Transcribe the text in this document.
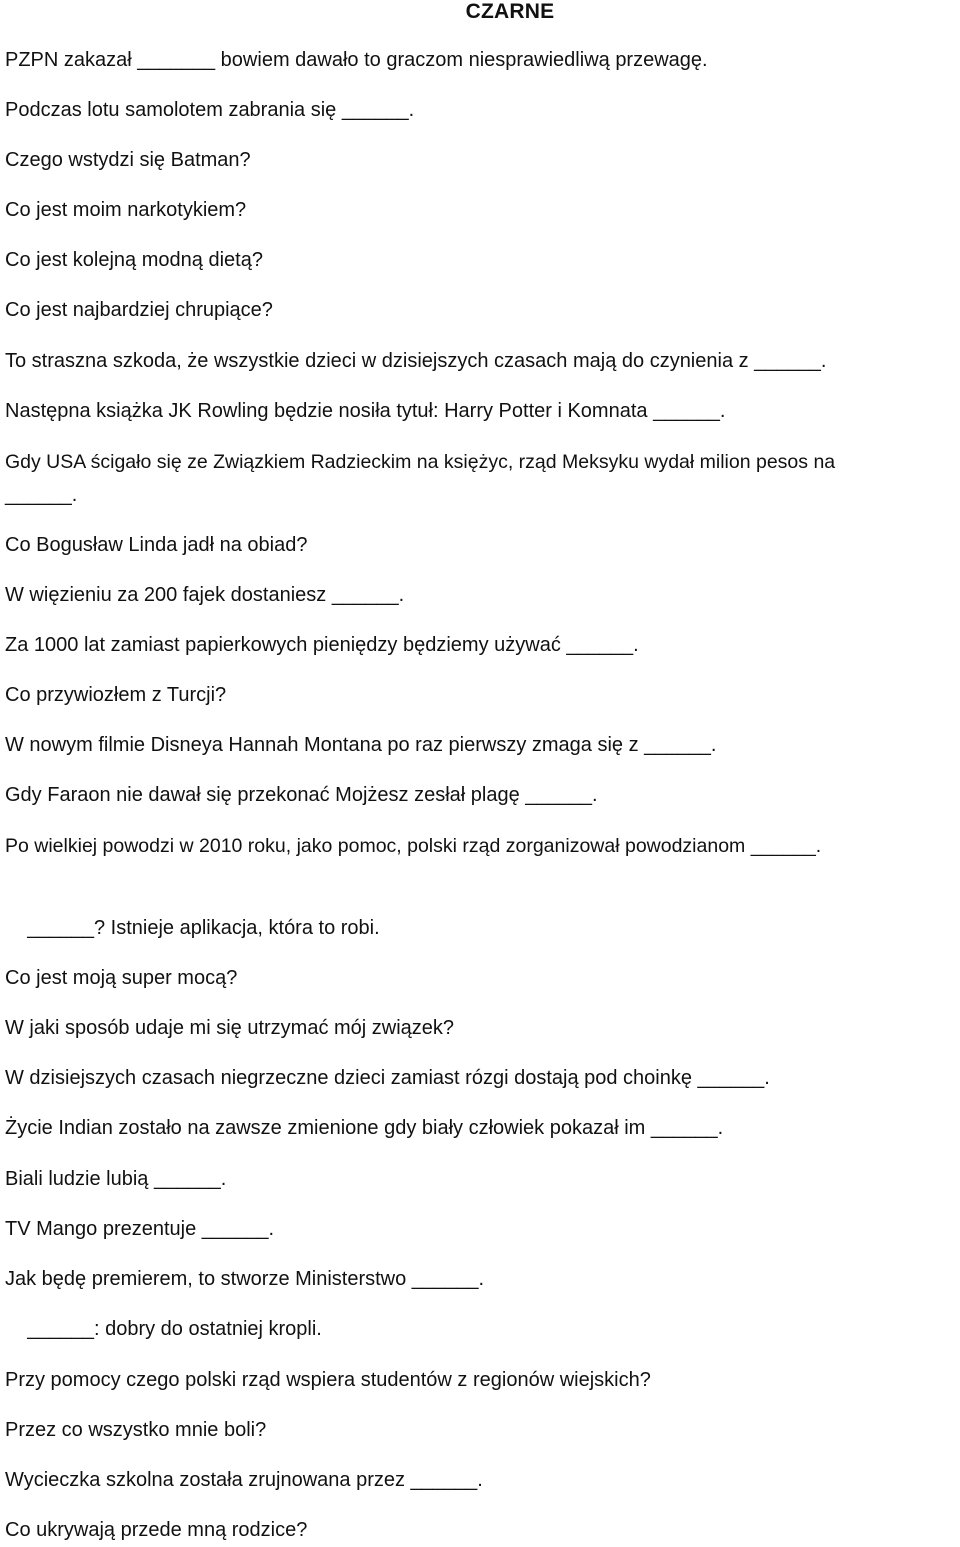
CZARNE
PZPN zakazał _______ bowiem dawało to graczom niesprawiedliwą przewagę.
Podczas lotu samolotem zabrania się ______.
Czego wstydzi się Batman?
Co jest moim narkotykiem?
Co jest kolejną modną dietą?
Co jest najbardziej chrupiące?
To straszna szkoda, że wszystkie dzieci w dzisiejszych czasach mają do czynienia z ______.
Następna książka JK Rowling będzie nosiła tytuł: Harry Potter i Komnata ______.
Gdy USA ścigało się ze Związkiem Radzieckim na księżyc, rząd Meksyku wydał milion pesos na
______.
Co Bogusław Linda jadł na obiad?
W więzieniu za 200 fajek dostaniesz ______.
Za 1000 lat zamiast papierkowych pieniędzy będziemy używać ______.
Co przywiozłem z Turcji?
W nowym filmie Disneya Hannah Montana po raz pierwszy zmaga się z ______.
Gdy Faraon nie dawał się przekonać Mojżesz zesłał plagę ______.
Po wielkiej powodzi w 2010 roku, jako pomoc, polski rząd zorganizował powodzianom ______.
______? Istnieje aplikacja, która to robi.
Co jest moją super mocą?
W jaki sposób udaje mi się utrzymać mój związek?
W dzisiejszych czasach niegrzeczne dzieci zamiast rózgi dostają pod choinkę ______.
Życie Indian zostało na zawsze zmienione gdy biały człowiek pokazał im ______.
Biali ludzie lubią ______.
TV Mango prezentuje ______.
Jak będę premierem, to stworze Ministerstwo ______.
______: dobry do ostatniej kropli.
Przy pomocy czego polski rząd wspiera studentów z regionów wiejskich?
Przez co wszystko mnie boli?
Wycieczka szkolna została zrujnowana przez ______.
Co ukrywają przede mną rodzice?
